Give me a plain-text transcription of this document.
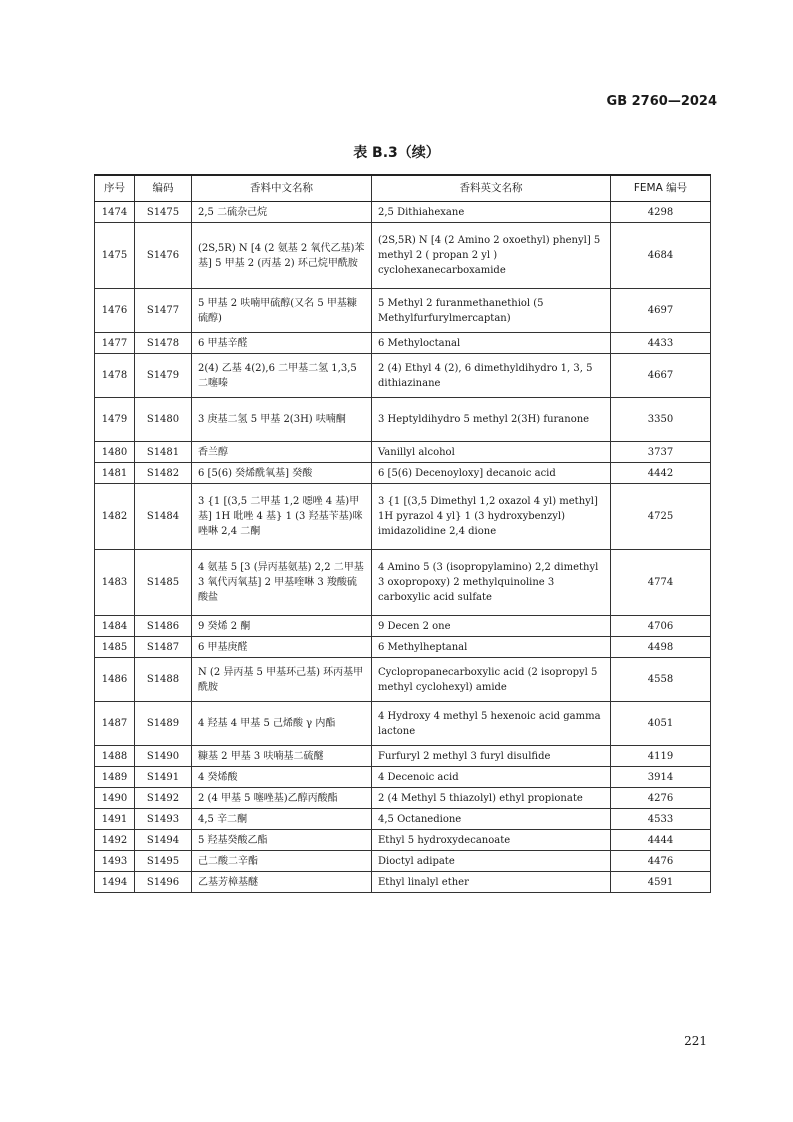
GB 2760—2024
表 B.3（续）
序号	编码	香料中文名称	香料英文名称	FEMA 编号
1474	S1475	2,5 二硫杂己烷	2,5 Dithiahexane	4298
1475	S1476	(2S,5R) N [4 (2 氨基 2 氧代乙基)苯基] 5 甲基 2 (丙基 2) 环己烷甲酰胺	(2S,5R) N [4 (2 Amino 2 oxoethyl) phenyl] 5 methyl 2 ( propan 2 yl ) cyclohexanecarboxamide	4684
1476	S1477	5 甲基 2 呋喃甲硫醇(又名 5 甲基糠硫醇)	5 Methyl 2 furanmethanethiol (5 Methylfurfurylmercaptan)	4697
1477	S1478	6 甲基辛醛	6 Methyloctanal	4433
1478	S1479	2(4) 乙基 4(2),6 二甲基二氢 1,3,5 二噻嗪	2 (4) Ethyl 4 (2), 6 dimethyldihydro 1, 3, 5 dithiazinane	4667
1479	S1480	3 庚基二氢 5 甲基 2(3H) 呋喃酮	3 Heptyldihydro 5 methyl 2(3H) furanone	3350
1480	S1481	香兰醇	Vanillyl alcohol	3737
1481	S1482	6 [5(6) 癸烯酰氧基] 癸酸	6 [5(6) Decenoyloxy] decanoic acid	4442
1482	S1484	3 {1 [(3,5 二甲基 1,2 噁唑 4 基)甲基] 1H 吡唑 4 基} 1 (3 羟基苄基)咪唑啉 2,4 二酮	3 {1 [(3,5 Dimethyl 1,2 oxazol 4 yl) methyl] 1H pyrazol 4 yl} 1 (3 hydroxybenzyl) imidazolidine 2,4 dione	4725
1483	S1485	4 氨基 5 [3 (异丙基氨基) 2,2 二甲基 3 氧代丙氧基] 2 甲基喹啉 3 羧酸硫酸盐	4 Amino 5 (3 (isopropylamino) 2,2 dimethyl 3 oxopropoxy) 2 methylquinoline 3 carboxylic acid sulfate	4774
1484	S1486	9 癸烯 2 酮	9 Decen 2 one	4706
1485	S1487	6 甲基庚醛	6 Methylheptanal	4498
1486	S1488	N (2 异丙基 5 甲基环己基) 环丙基甲酰胺	Cyclopropanecarboxylic acid (2 isopropyl 5 methyl cyclohexyl) amide	4558
1487	S1489	4 羟基 4 甲基 5 己烯酸 γ 内酯	4 Hydroxy 4 methyl 5 hexenoic acid gamma lactone	4051
1488	S1490	糠基 2 甲基 3 呋喃基二硫醚	Furfuryl 2 methyl 3 furyl disulfide	4119
1489	S1491	4 癸烯酸	4 Decenoic acid	3914
1490	S1492	2 (4 甲基 5 噻唑基)乙醇丙酸酯	2 (4 Methyl 5 thiazolyl) ethyl propionate	4276
1491	S1493	4,5 辛二酮	4,5 Octanedione	4533
1492	S1494	5 羟基癸酸乙酯	Ethyl 5 hydroxydecanoate	4444
1493	S1495	己二酸二辛酯	Dioctyl adipate	4476
1494	S1496	乙基芳樟基醚	Ethyl linalyl ether	4591
221
